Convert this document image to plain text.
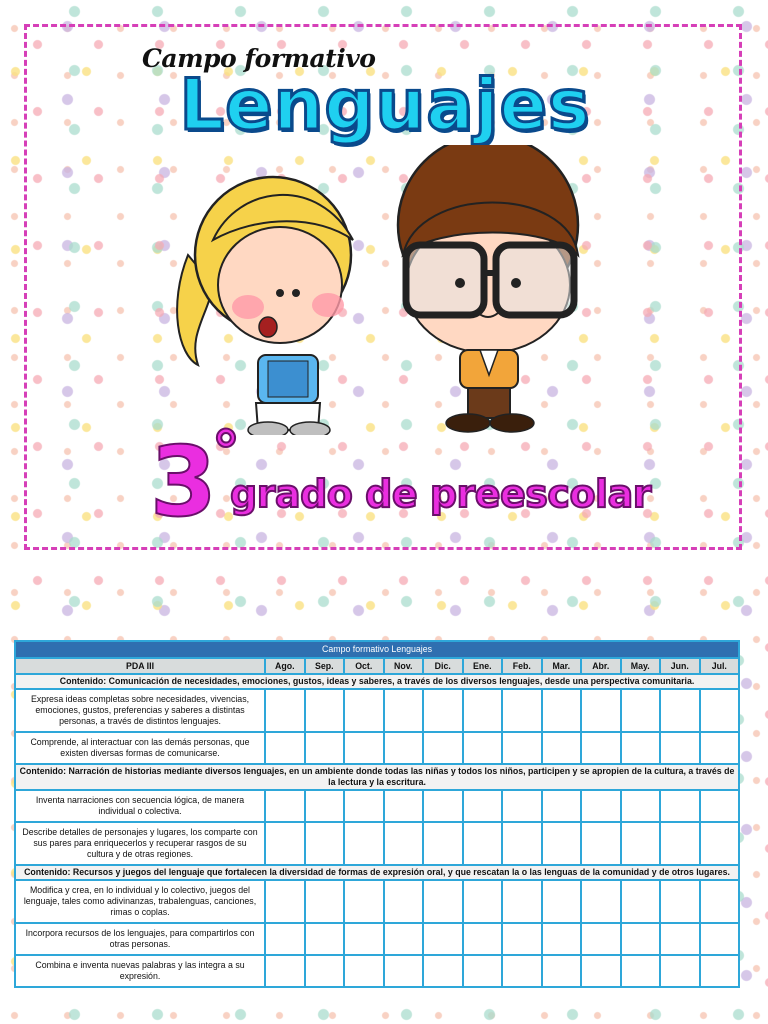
Campo formativo
Lenguajes
3
°
grado de preescolar
Campo formativo Lenguajes												
PDA III	Ago.	Sep.	Oct.	Nov.	Dic.	Ene.	Feb.	Mar.	Abr.	May.	Jun.	Jul.
Contenido: Comunicación de necesidades, emociones, gustos, ideas y saberes, a través de los diversos lenguajes, desde una perspectiva comunitaria.												
Expresa ideas completas sobre necesidades, vivencias, emociones, gustos, preferencias y saberes a distintas personas, a través de distintos lenguajes.												
Comprende, al interactuar con las demás personas, que existen diversas formas de comunicarse.												
Contenido: Narración de historias mediante diversos lenguajes, en un ambiente donde todas las niñas y todos los niños, participen y se apropien de la cultura, a través de la lectura y la escritura.												
Inventa narraciones con secuencia lógica, de manera individual o colectiva.												
Describe detalles de personajes y lugares, los comparte con sus pares para enriquecerlos y recuperar rasgos de su cultura y de otras regiones.												
Contenido: Recursos y juegos del lenguaje que fortalecen la diversidad de formas de expresión oral, y que rescatan la o las lenguas de la comunidad y de otros lugares.												
Modifica y crea, en lo individual y lo colectivo, juegos del lenguaje, tales como adivinanzas, trabalenguas, canciones, rimas o coplas.												
Incorpora recursos de los lenguajes, para compartirlos con otras personas.												
Combina e inventa nuevas palabras y las integra a su expresión.												
